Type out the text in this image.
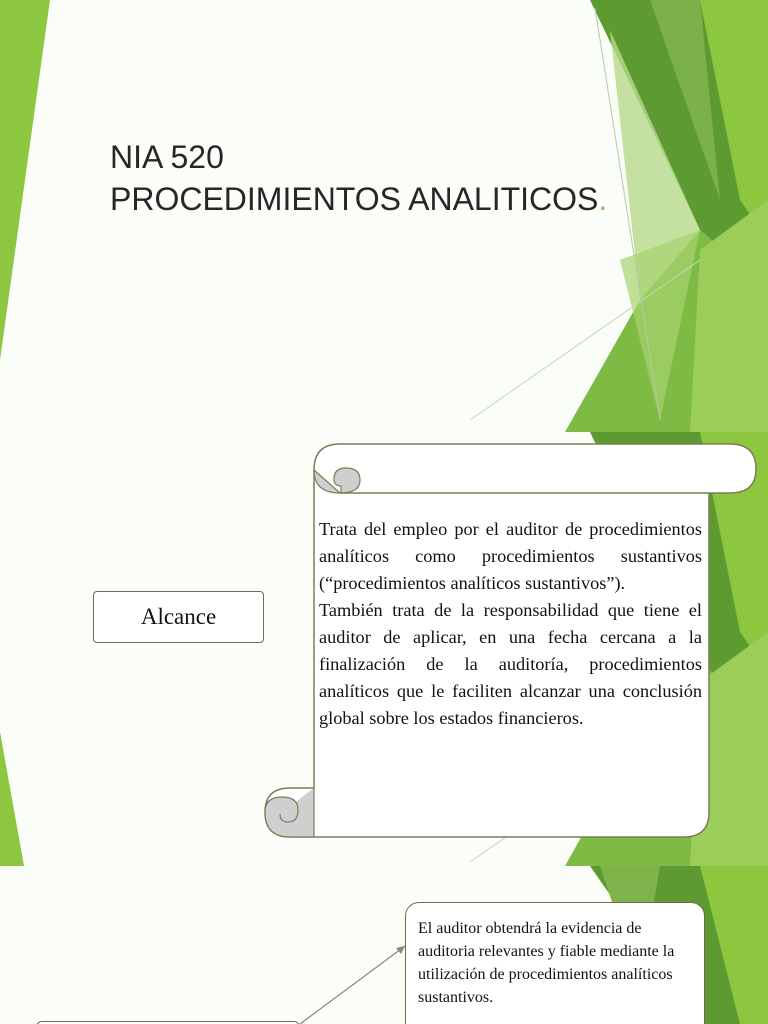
NIA 520
PROCEDIMIENTOS ANALITICOS.
Alcance
Trata del empleo por el auditor de procedimientos analíticos como procedimientos sustantivos (“procedimientos analíticos sustantivos”).
También trata de la responsabilidad que tiene el auditor de aplicar, en una fecha cercana a la finalización de la auditoría, procedimientos analíticos que le faciliten alcanzar una conclusión global sobre los estados financieros.
El auditor obtendrá la evidencia de auditoria relevantes y fiable mediante la utilización de procedimientos analíticos sustantivos.
